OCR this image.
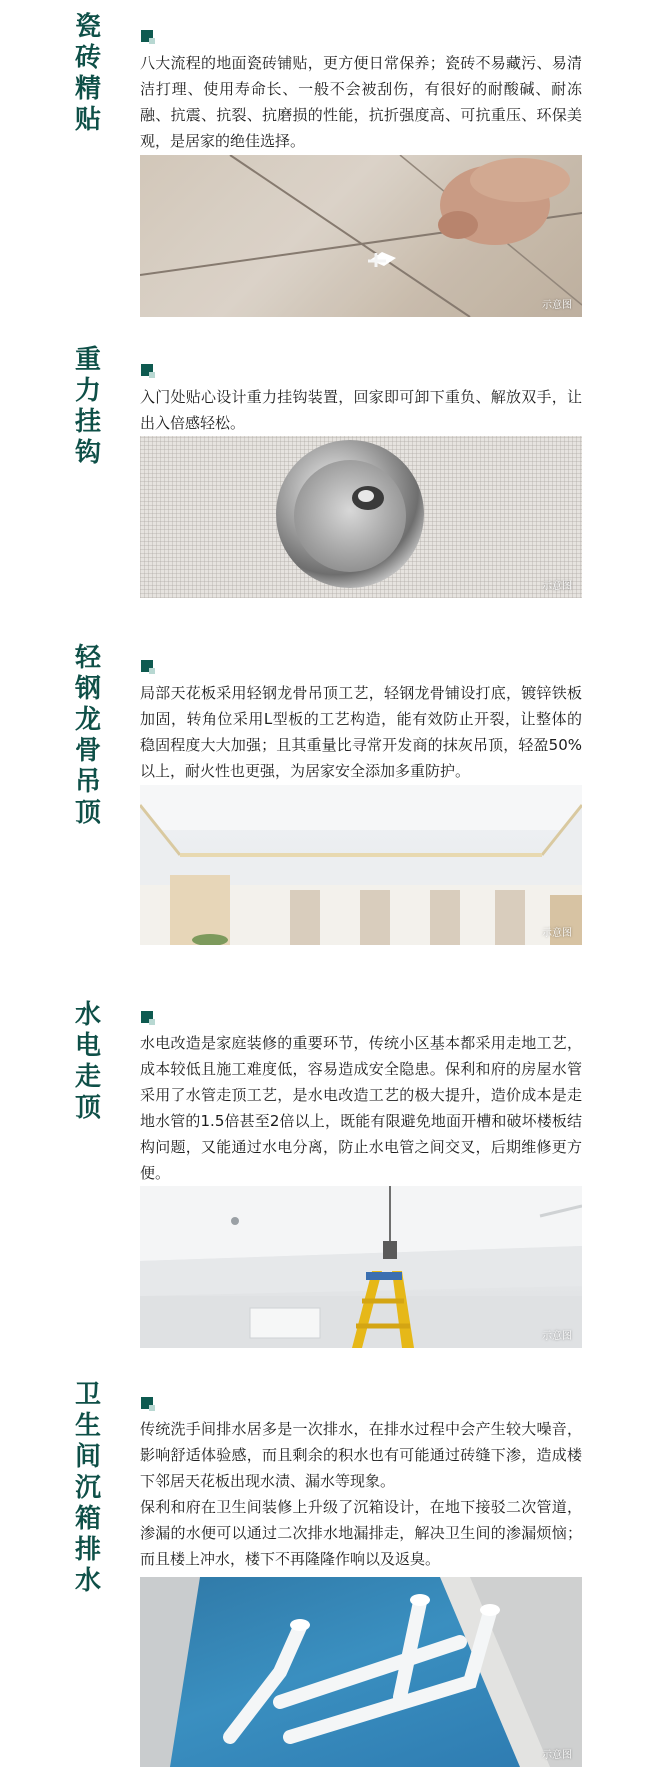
瓷
砖
精
贴

八大流程的地面瓷砖铺贴，更方便日常保养；瓷砖不易藏污、易清洁打理、使用寿命长、一般不会被刮伤，有很好的耐酸碱、耐冻融、抗震、抗裂、抗磨损的性能，抗折强度高、可抗重压、环保美观，是居家的绝佳选择。

示意图
重
力
挂
钩

入门处贴心设计重力挂钩装置，回家即可卸下重负、解放双手，让出入倍感轻松。

示意图
轻
钢
龙
骨
吊
顶

局部天花板采用轻钢龙骨吊顶工艺，轻钢龙骨铺设打底，镀锌铁板加固，转角位采用L型板的工艺构造，能有效防止开裂，让整体的稳固程度大大加强；且其重量比寻常开发商的抹灰吊顶，轻盈50%以上，耐火性也更强，为居家安全添加多重防护。

示意图
水
电
走
顶

水电改造是家庭装修的重要环节，传统小区基本都采用走地工艺，成本较低且施工难度低，容易造成安全隐患。保利和府的房屋水管采用了水管走顶工艺，是水电改造工艺的极大提升，造价成本是走地水管的1.5倍甚至2倍以上，既能有限避免地面开槽和破坏楼板结构问题，又能通过水电分离，防止水电管之间交叉，后期维修更方便。

示意图
卫
生
间
沉
箱
排
水

传统洗手间排水居多是一次排水，在排水过程中会产生较大噪音，影响舒适体验感，而且剩余的积水也有可能通过砖缝下渗，造成楼下邻居天花板出现水渍、漏水等现象。

保利和府在卫生间装修上升级了沉箱设计，在地下接驳二次管道，渗漏的水便可以通过二次排水地漏排走，解决卫生间的渗漏烦恼；而且楼上冲水，楼下不再隆隆作响以及返臭。

示意图
